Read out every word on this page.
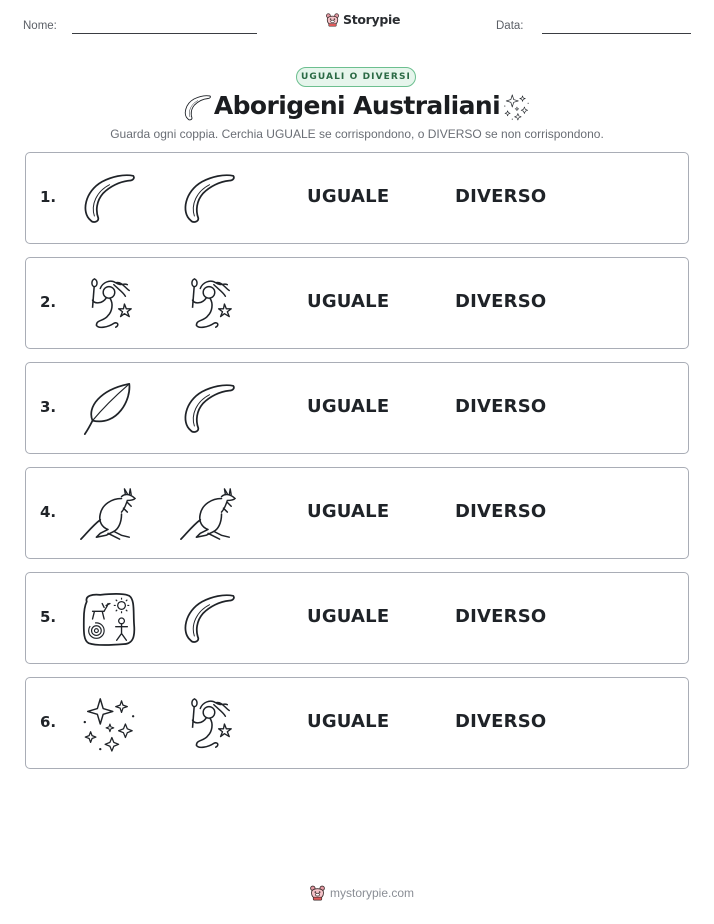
Nome:	Storypie	Data:
UGUALI O DIVERSI
Aborigeni Australiani
Guarda ogni coppia. Cerchia UGUALE se corrispondono, o DIVERSO se non corrispondono.
1.	UGUALE	DIVERSO
2.	UGUALE	DIVERSO
3.	UGUALE	DIVERSO
4.	UGUALE	DIVERSO
5.	UGUALE	DIVERSO
6.	UGUALE	DIVERSO
mystorypie.com
